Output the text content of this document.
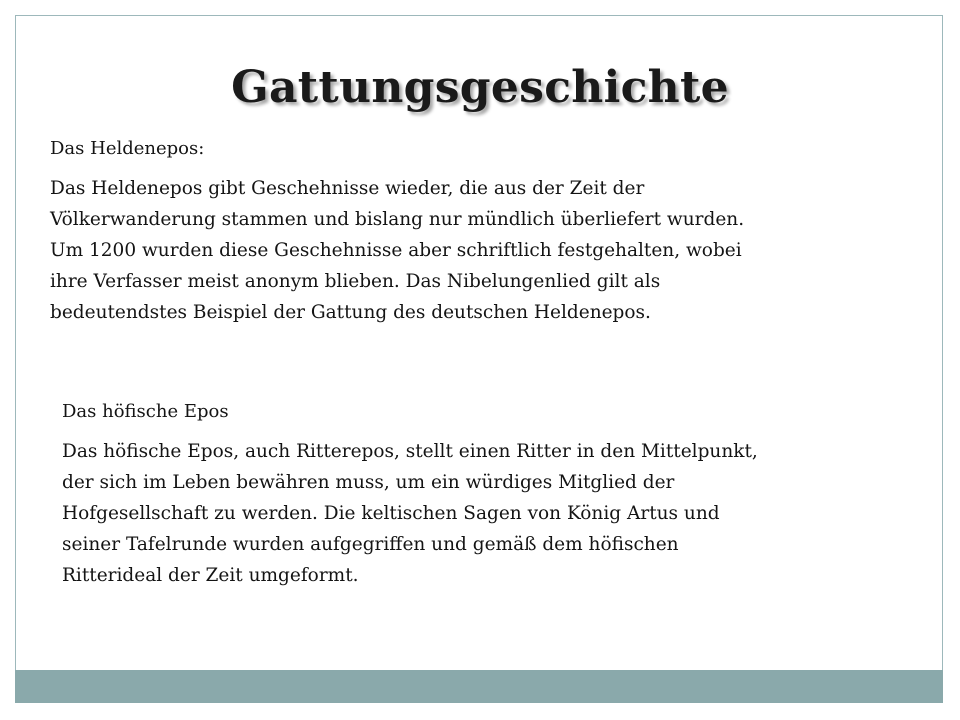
Gattungsgeschichte

Das Heldenepos:

Das Heldenepos gibt Geschehnisse wieder, die aus der Zeit der
Völkerwanderung stammen und bislang nur mündlich überliefert wurden.
Um 1200 wurden diese Geschehnisse aber schriftlich festgehalten, wobei
ihre Verfasser meist anonym blieben. Das Nibelungenlied gilt als
bedeutendstes Beispiel der Gattung des deutschen Heldenepos.

Das höfische Epos

Das höfische Epos, auch Ritterepos, stellt einen Ritter in den Mittelpunkt,
der sich im Leben bewähren muss, um ein würdiges Mitglied der
Hofgesellschaft zu werden. Die keltischen Sagen von König Artus und
seiner Tafelrunde wurden aufgegriffen und gemäß dem höfischen
Ritterideal der Zeit umgeformt.
